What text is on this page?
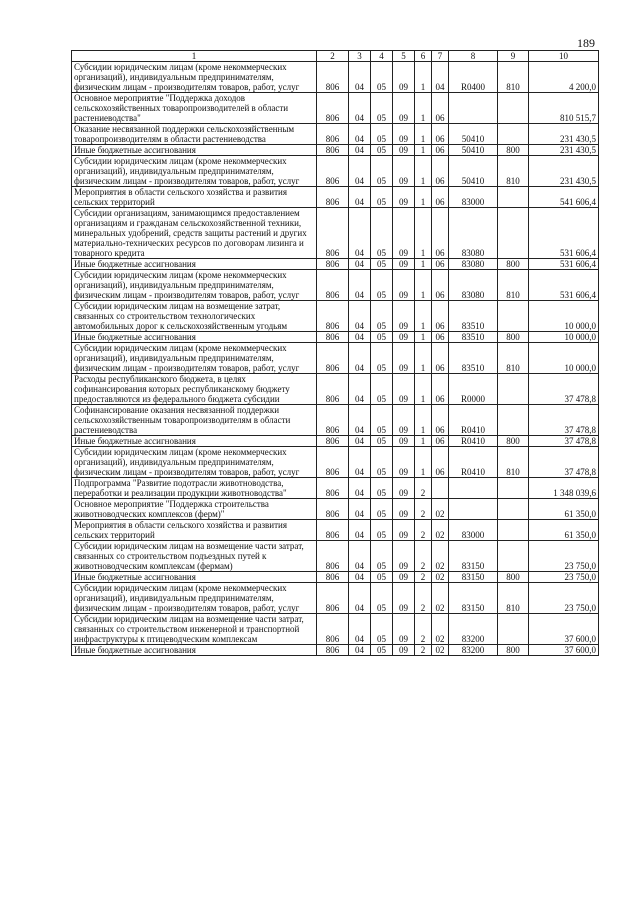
189
1	2	3	4	5	6	7	8	9	10
Субсидии юридическим лицам (кроме некоммерческих организаций), индивидуальным предпринимателям, физическим лицам - производителям товаров, работ, услуг	806	04	05	09	1	04	R0400	810	4 200,0
Основное мероприятие "Поддержка доходов сельскохозяйственных товаропроизводителей в области растениеводства"	806	04	05	09	1	06			810 515,7
Оказание несвязанной поддержки сельскохозяйственным товаропроизводителям в области растениеводства	806	04	05	09	1	06	50410		231 430,5
Иные бюджетные ассигнования	806	04	05	09	1	06	50410	800	231 430,5
Субсидии юридическим лицам (кроме некоммерческих организаций), индивидуальным предпринимателям, физическим лицам - производителям товаров, работ, услуг	806	04	05	09	1	06	50410	810	231 430,5
Мероприятия в области сельского хозяйства и развития сельских территорий	806	04	05	09	1	06	83000		541 606,4
Субсидии организациям, занимающимся предоставлением организациям и гражданам сельскохозяйственной техники, минеральных удобрений, средств защиты растений и других материально-технических ресурсов по договорам лизинга и товарного кредита	806	04	05	09	1	06	83080		531 606,4
Иные бюджетные ассигнования	806	04	05	09	1	06	83080	800	531 606,4
Субсидии юридическим лицам (кроме некоммерческих организаций), индивидуальным предпринимателям, физическим лицам - производителям товаров, работ, услуг	806	04	05	09	1	06	83080	810	531 606,4
Субсидии юридическим лицам на возмещение затрат, связанных со строительством технологических автомобильных дорог к сельскохозяйственным угодьям	806	04	05	09	1	06	83510		10 000,0
Иные бюджетные ассигнования	806	04	05	09	1	06	83510	800	10 000,0
Субсидии юридическим лицам (кроме некоммерческих организаций), индивидуальным предпринимателям, физическим лицам - производителям товаров, работ, услуг	806	04	05	09	1	06	83510	810	10 000,0
Расходы республиканского бюджета, в целях софинансирования которых республиканскому бюджету предоставляются из федерального бюджета субсидии	806	04	05	09	1	06	R0000		37 478,8
Софинансирование оказания несвязанной поддержки сельскохозяйственным товаропроизводителям в области растениеводства	806	04	05	09	1	06	R0410		37 478,8
Иные бюджетные ассигнования	806	04	05	09	1	06	R0410	800	37 478,8
Субсидии юридическим лицам (кроме некоммерческих организаций), индивидуальным предпринимателям, физическим лицам - производителям товаров, работ, услуг	806	04	05	09	1	06	R0410	810	37 478,8
Подпрограмма "Развитие подотрасли животноводства, переработки и реализации продукции животноводства"	806	04	05	09	2				1 348 039,6
Основное мероприятие "Поддержка строительства животноводческих комплексов (ферм)"	806	04	05	09	2	02			61 350,0
Мероприятия в области сельского хозяйства и развития сельских территорий	806	04	05	09	2	02	83000		61 350,0
Субсидии юридическим лицам на возмещение части затрат, связанных со строительством подъездных путей к животноводческим комплексам (фермам)	806	04	05	09	2	02	83150		23 750,0
Иные бюджетные ассигнования	806	04	05	09	2	02	83150	800	23 750,0
Субсидии юридическим лицам (кроме некоммерческих организаций), индивидуальным предпринимателям, физическим лицам - производителям товаров, работ, услуг	806	04	05	09	2	02	83150	810	23 750,0
Субсидии юридическим лицам на возмещение части затрат, связанных со строительством инженерной и транспортной инфраструктуры к птицеводческим комплексам	806	04	05	09	2	02	83200		37 600,0
Иные бюджетные ассигнования	806	04	05	09	2	02	83200	800	37 600,0
